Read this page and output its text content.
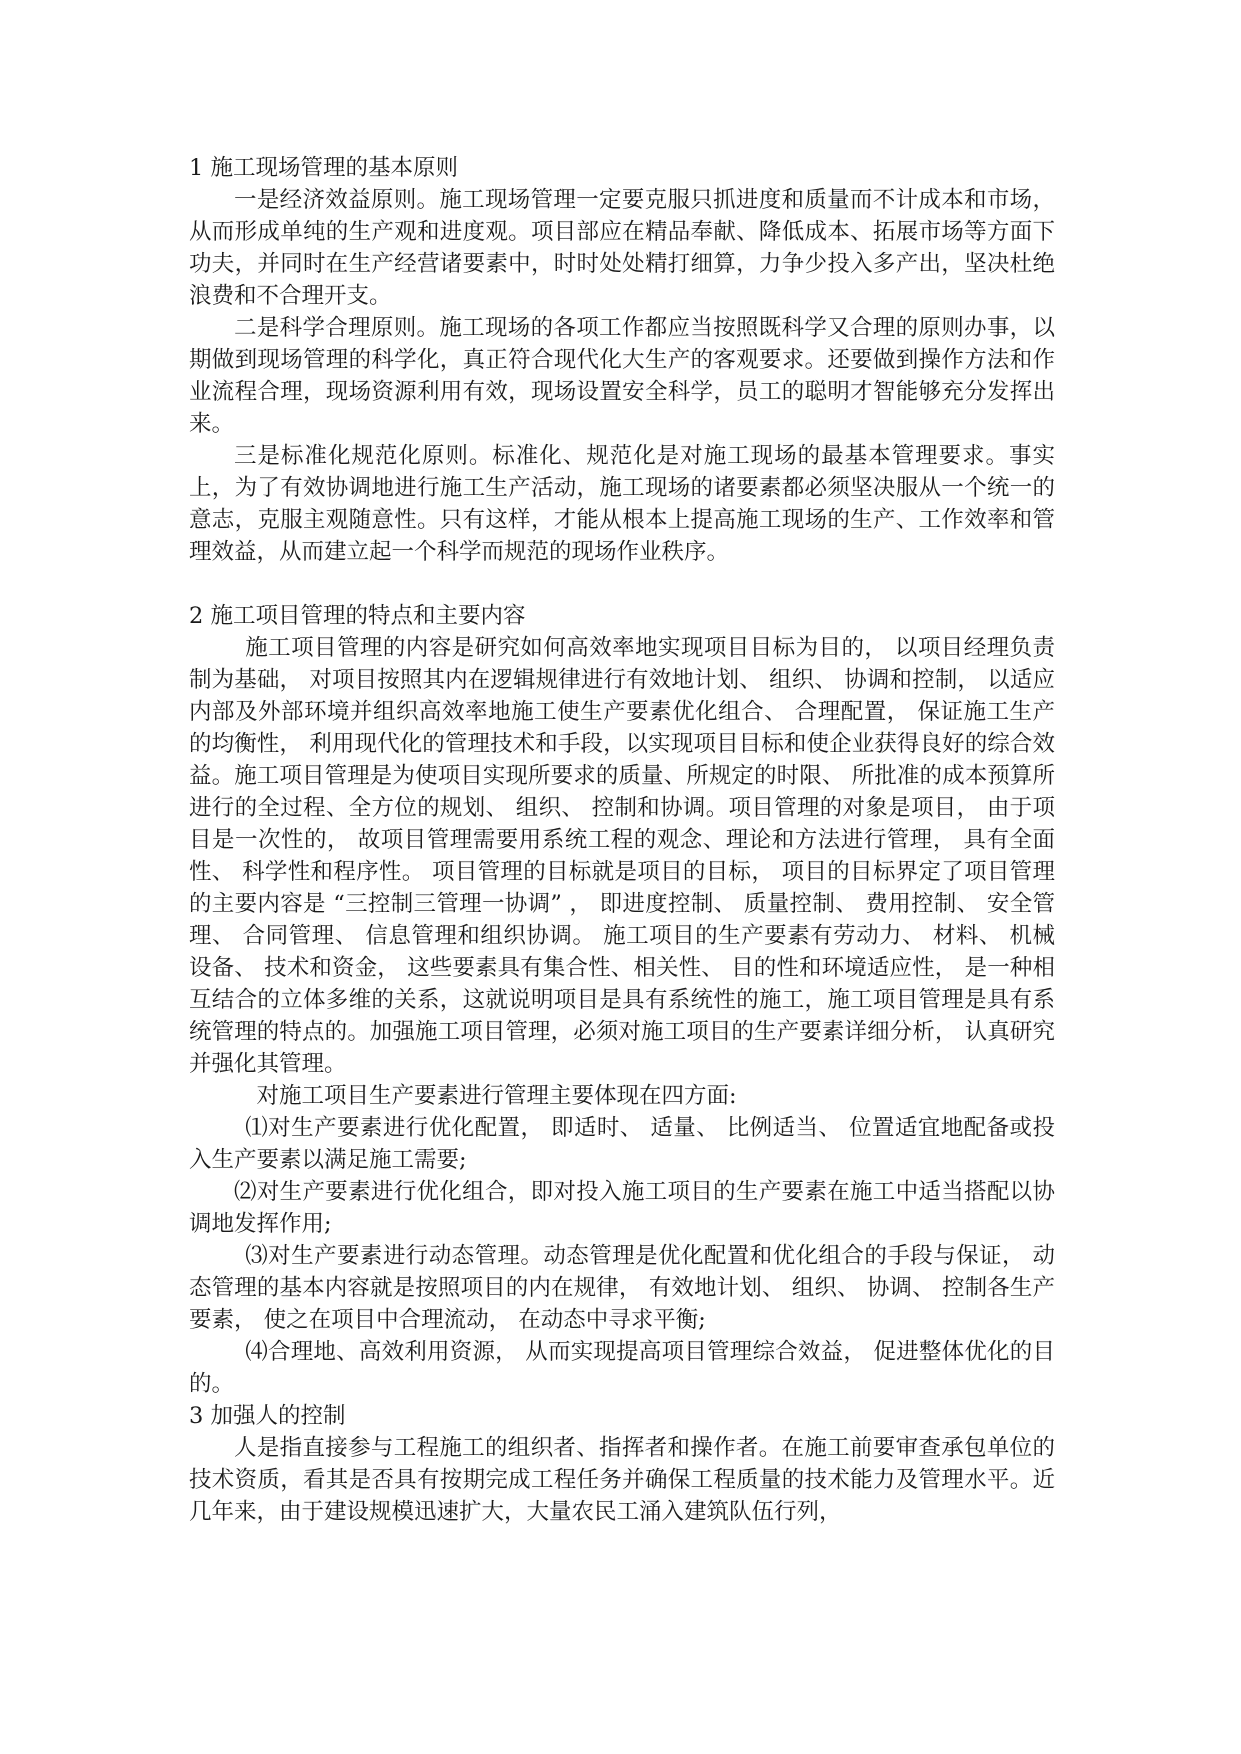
1 施工现场管理的基本原则

一是经济效益原则。施工现场管理一定要克服只抓进度和质量而不计成本和市场，从而形成单纯的生产观和进度观。项目部应在精品奉献、降低成本、拓展市场等方面下功夫，并同时在生产经营诸要素中，时时处处精打细算，力争少投入多产出，坚决杜绝浪费和不合理开支。

二是科学合理原则。施工现场的各项工作都应当按照既科学又合理的原则办事，以期做到现场管理的科学化，真正符合现代化大生产的客观要求。还要做到操作方法和作业流程合理，现场资源利用有效，现场设置安全科学，员工的聪明才智能够充分发挥出来。

三是标准化规范化原则。标准化、规范化是对施工现场的最基本管理要求。事实上，为了有效协调地进行施工生产活动，施工现场的诸要素都必须坚决服从一个统一的意志，克服主观随意性。只有这样，才能从根本上提高施工现场的生产、工作效率和管理效益，从而建立起一个科学而规范的现场作业秩序。

2 施工项目管理的特点和主要内容

施工项目管理的内容是研究如何高效率地实现项目目标为目的， 以项目经理负责制为基础， 对项目按照其内在逻辑规律进行有效地计划、 组织、 协调和控制， 以适应内部及外部环境并组织高效率地施工使生产要素优化组合、 合理配置， 保证施工生产的均衡性， 利用现代化的管理技术和手段，以实现项目目标和使企业获得良好的综合效益。施工项目管理是为使项目实现所要求的质量、所规定的时限、 所批准的成本预算所进行的全过程、全方位的规划、 组织、 控制和协调。项目管理的对象是项目， 由于项目是一次性的， 故项目管理需要用系统工程的观念、理论和方法进行管理， 具有全面性、 科学性和程序性。 项目管理的目标就是项目的目标， 项目的目标界定了项目管理的主要内容是 “三控制三管理一协调” ， 即进度控制、 质量控制、 费用控制、 安全管理、 合同管理、 信息管理和组织协调。 施工项目的生产要素有劳动力、 材料、 机械设备、 技术和资金， 这些要素具有集合性、相关性、 目的性和环境适应性， 是一种相互结合的立体多维的关系，这就说明项目是具有系统性的施工，施工项目管理是具有系统管理的特点的。加强施工项目管理，必须对施工项目的生产要素详细分析， 认真研究并强化其管理。

对施工项目生产要素进行管理主要体现在四方面:

⑴对生产要素进行优化配置， 即适时、 适量、 比例适当、 位置适宜地配备或投入生产要素以满足施工需要;

⑵对生产要素进行优化组合，即对投入施工项目的生产要素在施工中适当搭配以协调地发挥作用;

⑶对生产要素进行动态管理。动态管理是优化配置和优化组合的手段与保证， 动态管理的基本内容就是按照项目的内在规律， 有效地计划、 组织、 协调、 控制各生产要素， 使之在项目中合理流动， 在动态中寻求平衡;

⑷合理地、高效利用资源， 从而实现提高项目管理综合效益， 促进整体优化的目的。

3 加强人的控制

人是指直接参与工程施工的组织者、指挥者和操作者。在施工前要审查承包单位的技术资质，看其是否具有按期完成工程任务并确保工程质量的技术能力及管理水平。近几年来，由于建设规模迅速扩大，大量农民工涌入建筑队伍行列，
